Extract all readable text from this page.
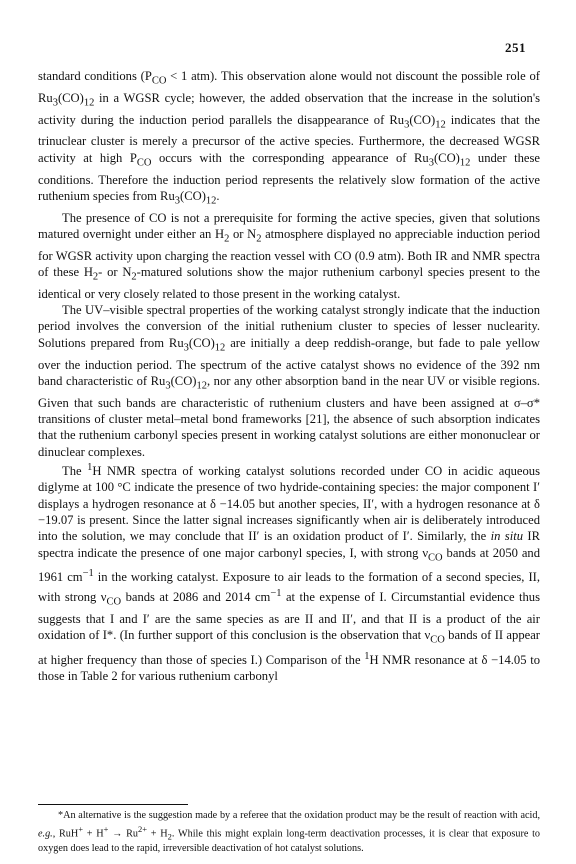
251

standard conditions ($P_{CO} < 1$ atm). This observation alone would not discount the possible role of $Ru_3(CO)_{12}$ in a WGSR cycle; however, the added observation that the increase in the solution's activity during the induction period parallels the disappearance of $Ru_3(CO)_{12}$ indicates that the trinuclear cluster is merely a precursor of the active species. Furthermore, the decreased WGSR activity at high $P_{CO}$ occurs with the corresponding appearance of $Ru_3(CO)_{12}$ under these conditions. Therefore the induction period represents the relatively slow formation of the active ruthenium species from $Ru_3(CO)_{12}$.

The presence of CO is not a prerequisite for forming the active species, given that solutions matured overnight under either an $H_2$ or $N_2$ atmosphere displayed no appreciable induction period for WGSR activity upon charging the reaction vessel with CO (0.9 atm). Both IR and NMR spectra of these $H_2-$ or $N_2$-matured solutions show the major ruthenium carbonyl species present to the identical or very closely related to those present in the working catalyst.

The UV–visible spectral properties of the working catalyst strongly indicate that the induction period involves the conversion of the initial ruthenium cluster to species of lesser nuclearity. Solutions prepared from $Ru_3(CO)_{12}$ are initially a deep reddish-orange, but fade to pale yellow over the induction period. The spectrum of the active catalyst shows no evidence of the 392 nm band characteristic of $Ru_3(CO)_{12}$, nor any other absorption band in the near UV or visible regions. Given that such bands are characteristic of ruthenium clusters and have been assigned at σ–σ* transitions of cluster metal–metal bond frameworks [21], the absence of such absorption indicates that the ruthenium carbonyl species present in working catalyst solutions are either mononuclear or dinuclear complexes.

The $^1$H NMR spectra of working catalyst solutions recorded under CO in acidic aqueous diglyme at 100 °C indicate the presence of two hydride-containing species: the major component I′ displays a hydrogen resonance at δ −14.05 but another species, II′, with a hydrogen resonance at δ −19.07 is present. Since the latter signal increases significantly when air is deliberately introduced into the solution, we may conclude that II′ is an oxidation product of I′. Similarly, the in situ IR spectra indicate the presence of one major carbonyl species, I, with strong $\nu_{CO}$ bands at 2050 and 1961 $cm^{-1}$ in the working catalyst. Exposure to air leads to the formation of a second species, II, with strong $\nu_{CO}$ bands at 2086 and 2014 $cm^{-1}$ at the expense of I. Circumstantial evidence thus suggests that I and I′ are the same species as are II and II′, and that II is a product of the air oxidation of I*. (In further support of this conclusion is the observation that $\nu_{CO}$ bands of II appear at higher frequency than those of species I.) Comparison of the $^1$H NMR resonance at δ −14.05 to those in Table 2 for various ruthenium carbonyl

*An alternative is the suggestion made by a referee that the oxidation product may be the result of reaction with acid, e.g., $RuH^+ + H^+ \to Ru^{2+} + H_2$. While this might explain long-term deactivation processes, it is clear that exposure to oxygen does lead to the rapid, irreversible deactivation of hot catalyst solutions.
